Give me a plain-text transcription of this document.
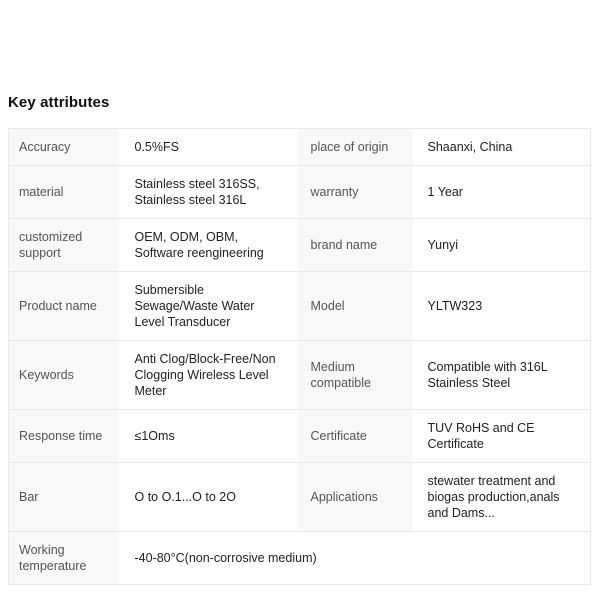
Key attributes
Accuracy	0.5%FS	place of origin	Shaanxi, China
material	Stainless steel 316SS, Stainless steel 316L	warranty	1 Year
customized support	OEM, ODM, OBM, Software reengineering	brand name	Yunyi
Product name	Submersible Sewage/Waste Water Level Transducer	Model	YLTW323
Keywords	Anti Clog/Block-Free/Non Clogging Wireless Level Meter	Medium compatible	Compatible with 316L Stainless Steel
Response time	≤1Oms	Certificate	TUV RoHS and CE Certificate
Bar	O to O.1...O to 2O	Applications	stewater treatment and biogas production,anals and Dams...
Working temperature	-40-80°C(non-corrosive medium)		
